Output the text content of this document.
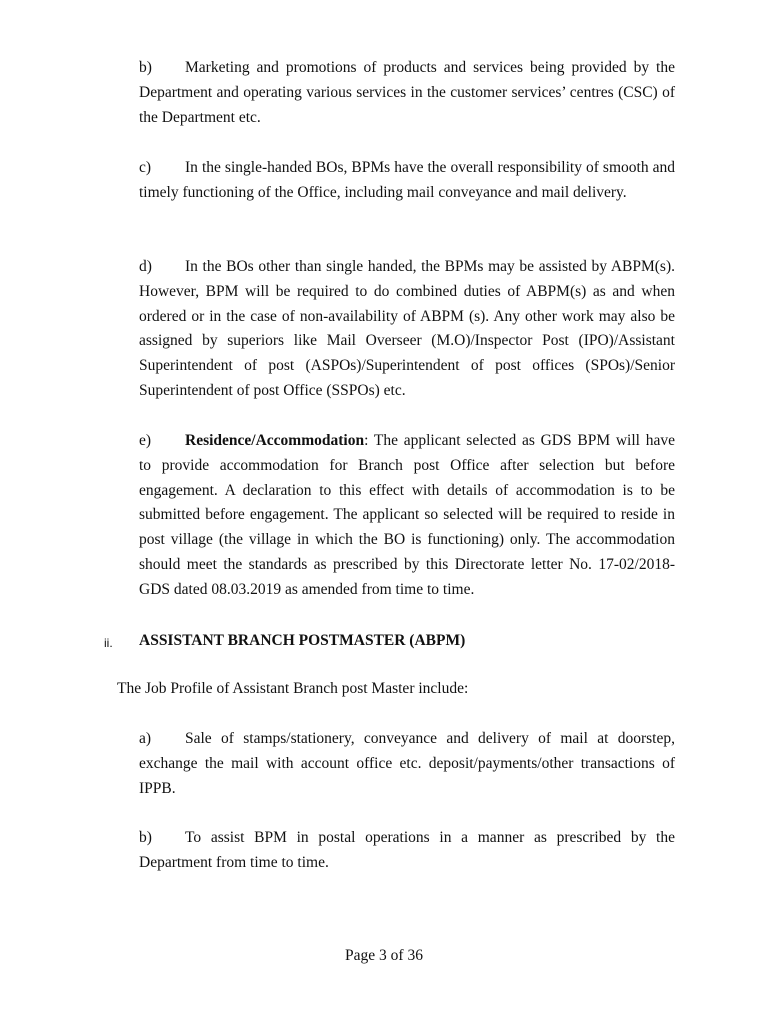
b) Marketing and promotions of products and services being provided by the Department and operating various services in the customer services’ centres (CSC) of the Department etc.

c) In the single-handed BOs, BPMs have the overall responsibility of smooth and timely functioning of the Office, including mail conveyance and mail delivery.

d) In the BOs other than single handed, the BPMs may be assisted by ABPM(s). However, BPM will be required to do combined duties of ABPM(s) as and when ordered or in the case of non-availability of ABPM (s). Any other work may also be assigned by superiors like Mail Overseer (M.O)/Inspector Post (IPO)/Assistant Superintendent of post (ASPOs)/Superintendent of post offices (SPOs)/Senior Superintendent of post Office (SSPOs) etc.

e) Residence/Accommodation: The applicant selected as GDS BPM will have to provide accommodation for Branch post Office after selection but before engagement. A declaration to this effect with details of accommodation is to be submitted before engagement. The applicant so selected will be required to reside in post village (the village in which the BO is functioning) only. The accommodation should meet the standards as prescribed by this Directorate letter No. 17-02/2018-GDS dated 08.03.2019 as amended from time to time.

ii. ASSISTANT BRANCH POSTMASTER (ABPM)

The Job Profile of Assistant Branch post Master include:

a) Sale of stamps/stationery, conveyance and delivery of mail at doorstep, exchange the mail with account office etc. deposit/payments/other transactions of IPPB.

b) To assist BPM in postal operations in a manner as prescribed by the Department from time to time.

Page 3 of 36
